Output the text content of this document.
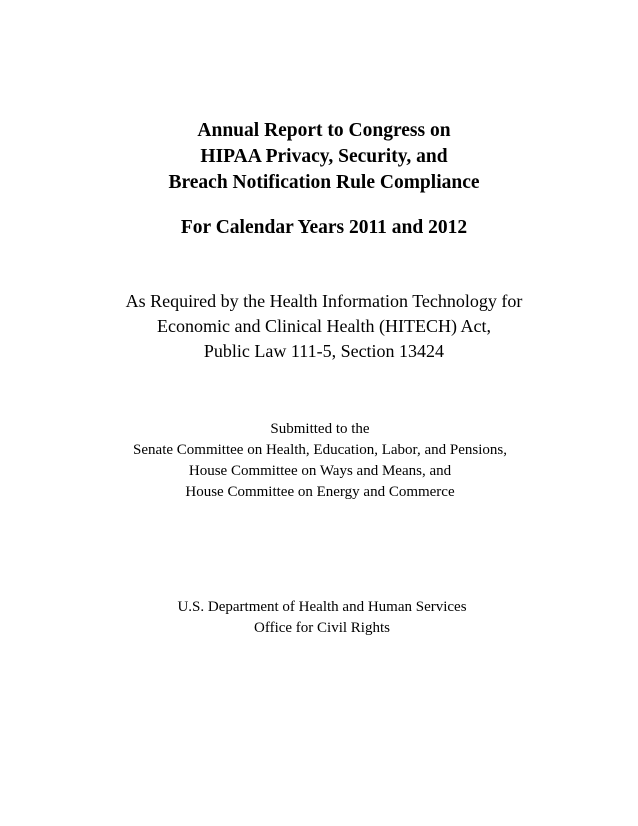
Annual Report to Congress on
HIPAA Privacy, Security, and
Breach Notification Rule Compliance
For Calendar Years 2011 and 2012
As Required by the Health Information Technology for
Economic and Clinical Health (HITECH) Act,
Public Law 111-5, Section 13424
Submitted to the
Senate Committee on Health, Education, Labor, and Pensions,
House Committee on Ways and Means, and
House Committee on Energy and Commerce
U.S. Department of Health and Human Services
Office for Civil Rights
